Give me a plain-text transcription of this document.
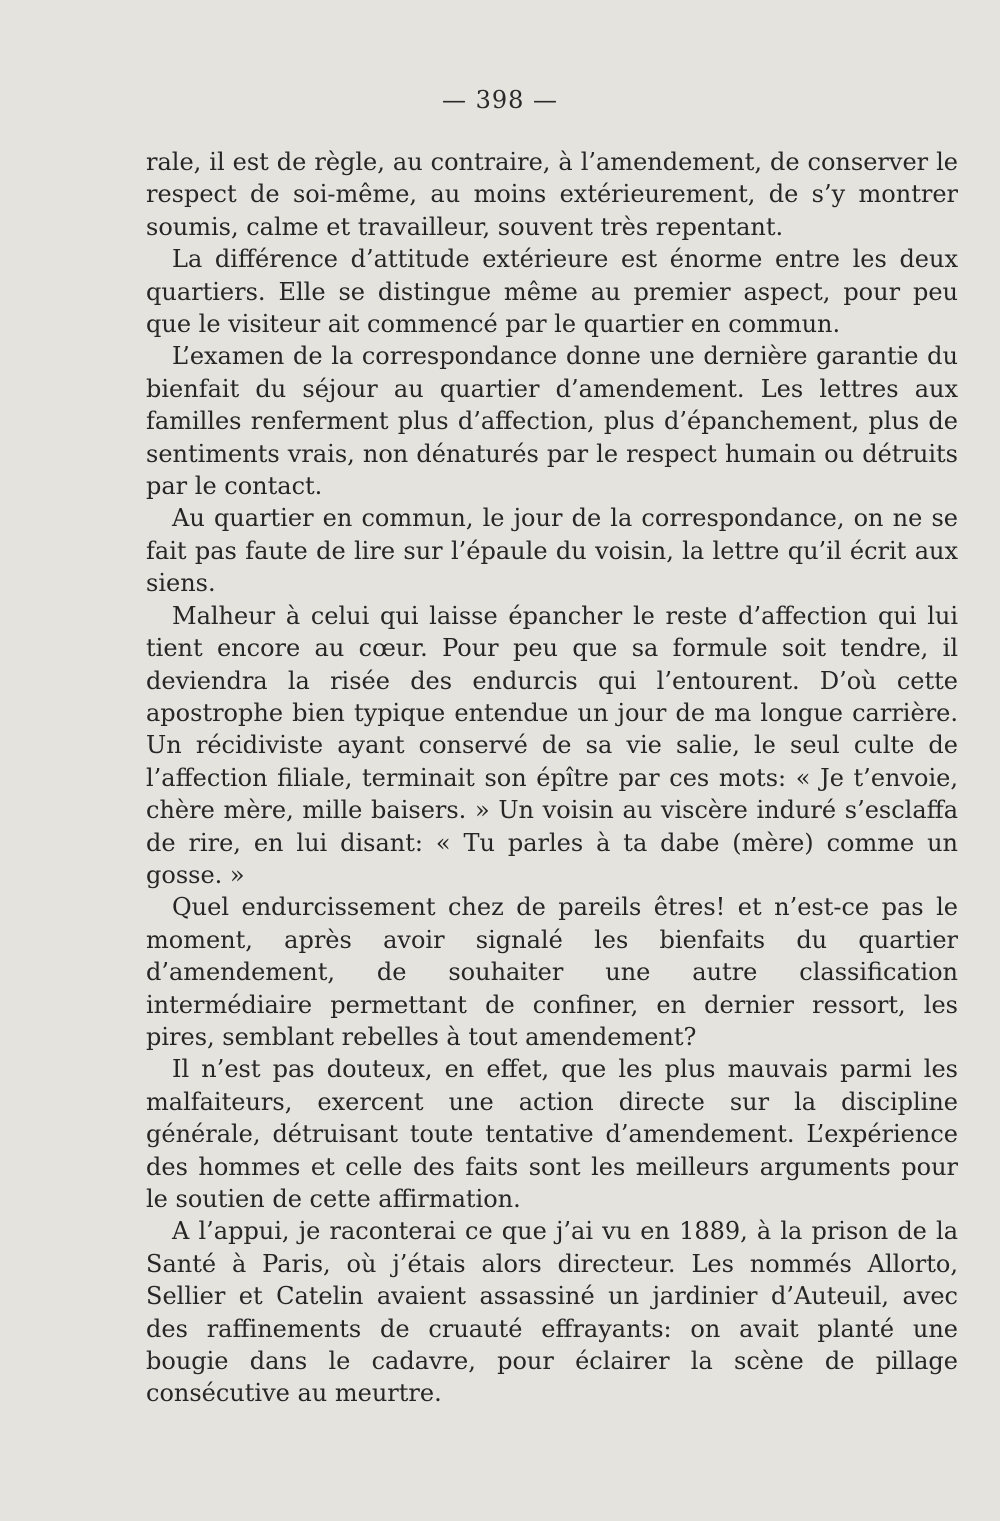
— 398 —

rale, il est de règle, au contraire, à l’amendement, de conserver le respect de soi-même, au moins extérieurement, de s’y montrer soumis, calme et travailleur, souvent très repentant.

La différence d’attitude extérieure est énorme entre les deux quartiers. Elle se distingue même au premier aspect, pour peu que le visiteur ait commencé par le quartier en commun.

L’examen de la correspondance donne une dernière garantie du bienfait du séjour au quartier d’amendement. Les lettres aux familles renferment plus d’affection, plus d’épanchement, plus de sentiments vrais, non dénaturés par le respect humain ou détruits par le contact.

Au quartier en commun, le jour de la correspondance, on ne se fait pas faute de lire sur l’épaule du voisin, la lettre qu’il écrit aux siens.

Malheur à celui qui laisse épancher le reste d’affection qui lui tient encore au cœur. Pour peu que sa formule soit tendre, il deviendra la risée des endurcis qui l’entourent. D’où cette apostrophe bien typique entendue un jour de ma longue carrière. Un récidiviste ayant conservé de sa vie salie, le seul culte de l’affection filiale, terminait son épître par ces mots: « Je t’envoie, chère mère, mille baisers. » Un voisin au viscère induré s’esclaffa de rire, en lui disant: « Tu parles à ta dabe (mère) comme un gosse. »

Quel endurcissement chez de pareils êtres! et n’est-ce pas le moment, après avoir signalé les bienfaits du quartier d’amendement, de souhaiter une autre classification intermédiaire permettant de confiner, en dernier ressort, les pires, semblant rebelles à tout amendement?

Il n’est pas douteux, en effet, que les plus mauvais parmi les malfaiteurs, exercent une action directe sur la discipline générale, détruisant toute tentative d’amendement. L’expérience des hommes et celle des faits sont les meilleurs arguments pour le soutien de cette affirmation.

A l’appui, je raconterai ce que j’ai vu en 1889, à la prison de la Santé à Paris, où j’étais alors directeur. Les nommés Allorto, Sellier et Catelin avaient assassiné un jardinier d’Auteuil, avec des raffinements de cruauté effrayants: on avait planté une bougie dans le cadavre, pour éclairer la scène de pillage consécutive au meurtre.
